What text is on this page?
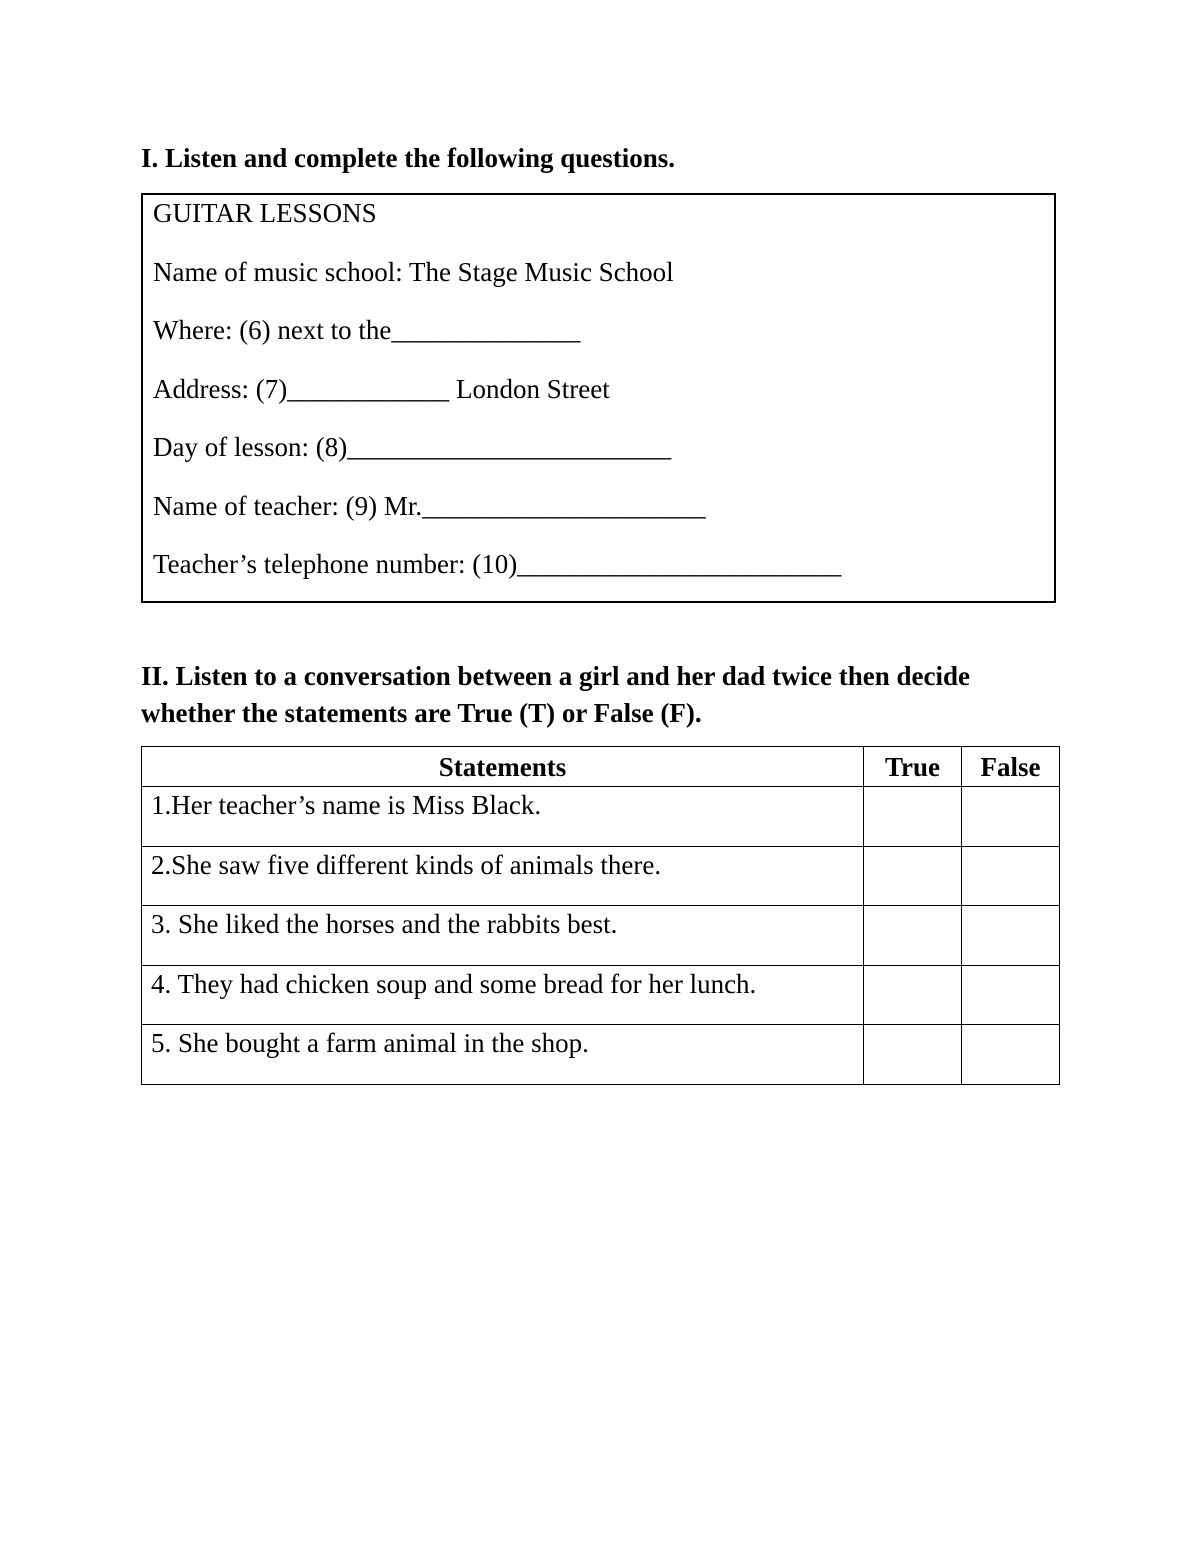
I. Listen and complete the following questions.

GUITAR LESSONS
Name of music school: The Stage Music School
Where: (6) next to the______________
Address: (7)____________ London Street
Day of lesson: (8)________________________
Name of teacher: (9) Mr._____________________
Teacher’s telephone number: (10)________________________

II. Listen to a conversation between a girl and her dad twice then decide whether the statements are True (T) or False (F).

Statements	True	False
1.Her teacher’s name is Miss Black.		
2.She saw five different kinds of animals there.		
3. She liked the horses and the rabbits best.		
4. They had chicken soup and some bread for her lunch.		
5. She bought a farm animal in the shop.		
